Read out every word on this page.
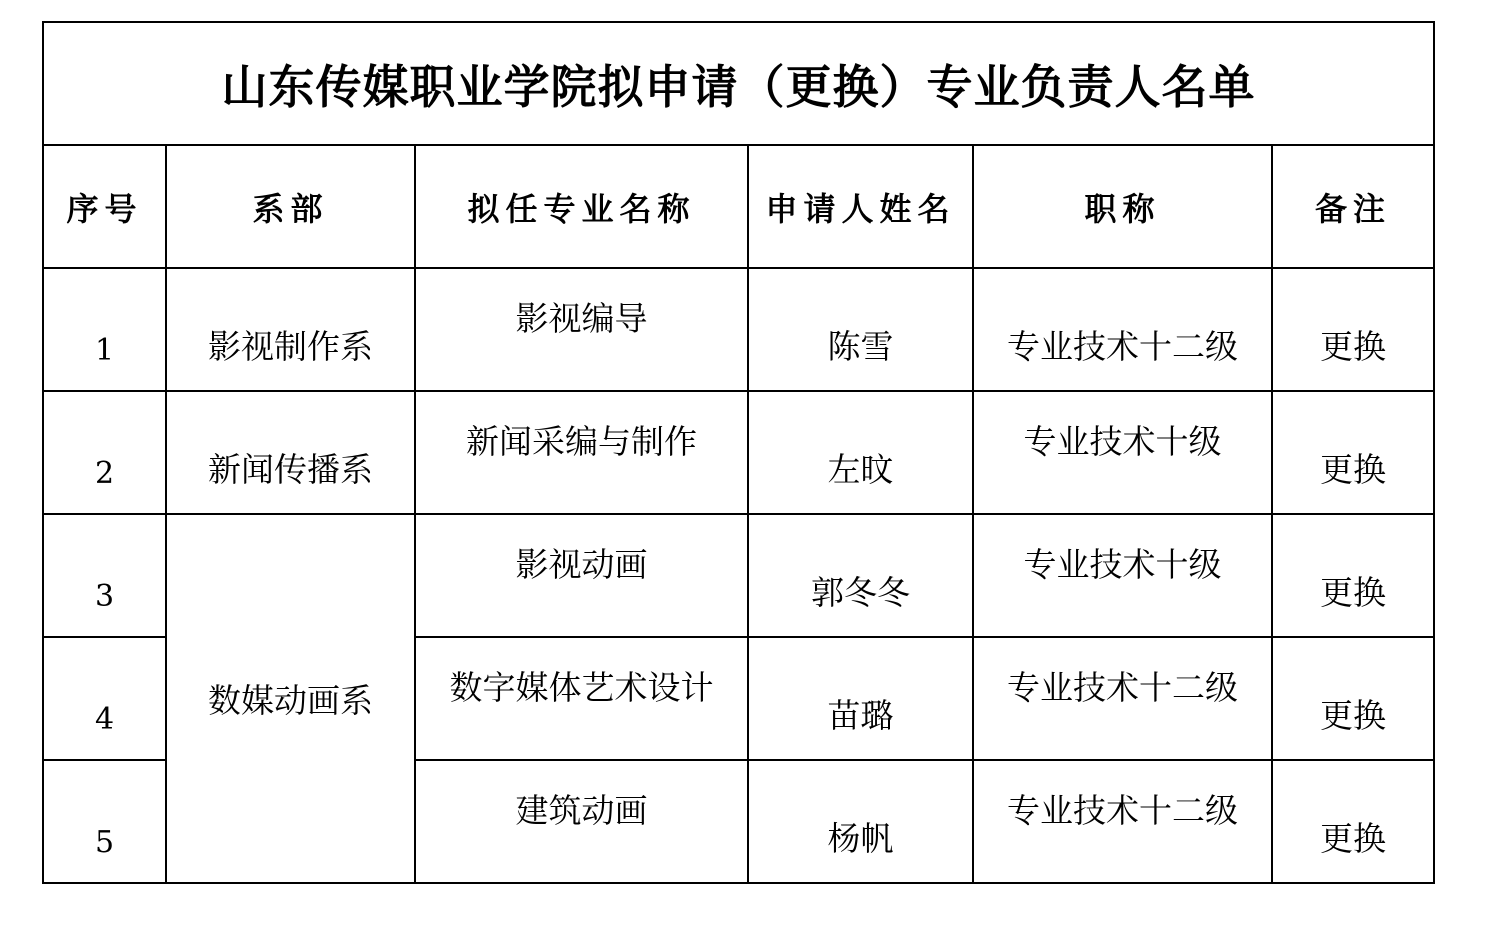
山东传媒职业学院拟申请（更换）专业负责人名单					
序号	系部	拟任专业名称	申请人姓名	职称	备注
1	影视制作系	影视编导	陈雪	专业技术十二级	更换
2	新闻传播系	新闻采编与制作	左旼	专业技术十级	更换
3	数媒动画系	影视动画	郭冬冬	专业技术十级	更换
4		数字媒体艺术设计	苗璐	专业技术十二级	更换
5		建筑动画	杨帆	专业技术十二级	更换
